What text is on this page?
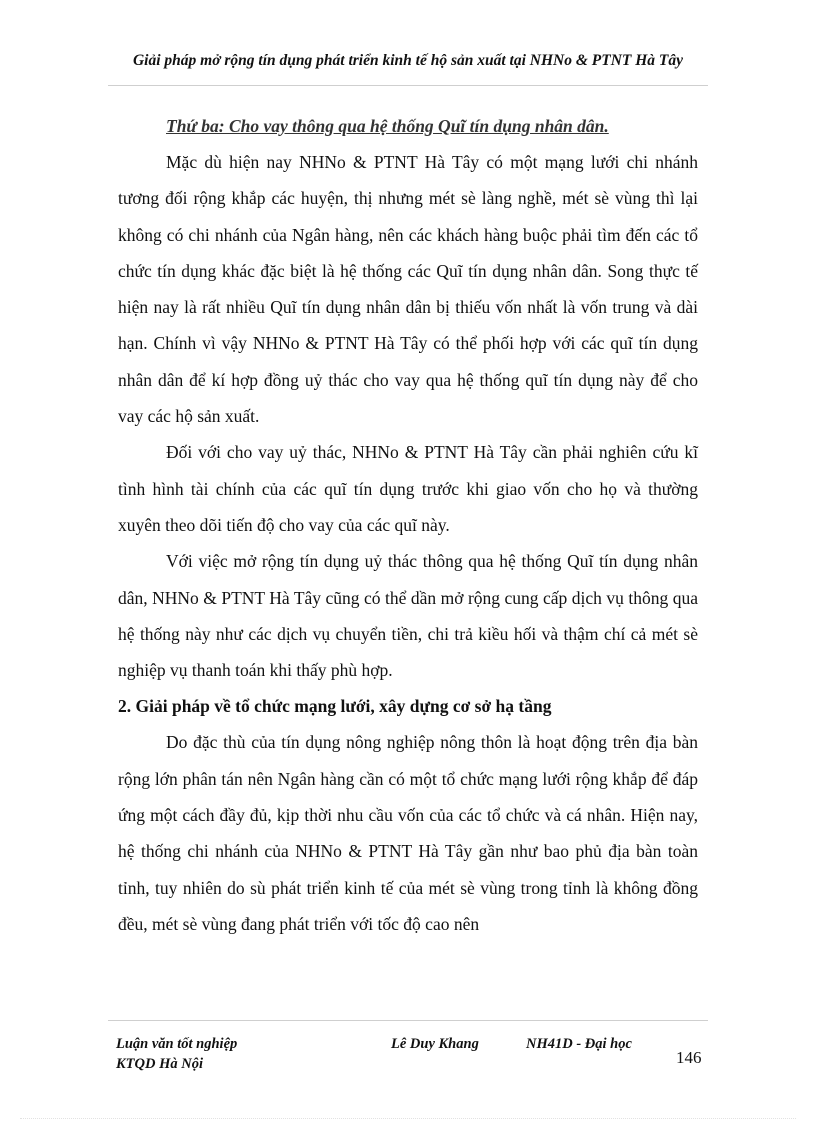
Giải pháp mở rộng tín dụng phát triển kinh tế hộ sản xuất tại NHNo & PTNT Hà Tây

Thứ ba: Cho vay thông qua hệ thống Quĩ tín dụng nhân dân.

Mặc dù hiện nay NHNo & PTNT Hà Tây có một mạng lưới chi nhánh tương đối rộng khắp các huyện, thị nhưng mét sè làng nghề, mét sè vùng thì lại không có chi nhánh của Ngân hàng, nên các khách hàng buộc phải tìm đến các tổ chức tín dụng khác đặc biệt là hệ thống các Quĩ tín dụng nhân dân. Song thực tế hiện nay là rất nhiều Quĩ tín dụng nhân dân bị thiếu vốn nhất là vốn trung và dài hạn. Chính vì vậy NHNo & PTNT Hà Tây có thể phối hợp với các quĩ tín dụng nhân dân để kí hợp đồng uỷ thác cho vay qua hệ thống quĩ tín dụng này để cho vay các hộ sản xuất.

Đối với cho vay uỷ thác, NHNo & PTNT Hà Tây cần phải nghiên cứu kĩ tình hình tài chính của các quĩ tín dụng trước khi giao vốn cho họ và thường xuyên theo dõi tiến độ cho vay của các quĩ này.

Với việc mở rộng tín dụng uỷ thác thông qua hệ thống Quĩ tín dụng nhân dân, NHNo & PTNT Hà Tây cũng có thể dần mở rộng cung cấp dịch vụ thông qua hệ thống này như các dịch vụ chuyển tiền, chi trả kiều hối và thậm chí cả mét sè nghiệp vụ thanh toán khi thấy phù hợp.

2. Giải pháp về tổ chức mạng lưới, xây dựng cơ sở hạ tầng

Do đặc thù của tín dụng nông nghiệp nông thôn là hoạt động trên địa bàn rộng lớn phân tán nên Ngân hàng cần có một tổ chức mạng lưới rộng khắp để đáp ứng một cách đầy đủ, kịp thời nhu cầu vốn của các tổ chức và cá nhân. Hiện nay, hệ thống chi nhánh của NHNo & PTNT Hà Tây gần như bao phủ địa bàn toàn tỉnh, tuy nhiên do sù phát triển kinh tế của mét sè vùng trong tỉnh là không đồng đều, mét sè vùng đang phát triển với tốc độ cao nên

Luận văn tốt nghiệp	Lê Duy Khang	NH41D - Đại học
KTQD Hà Nội	146
